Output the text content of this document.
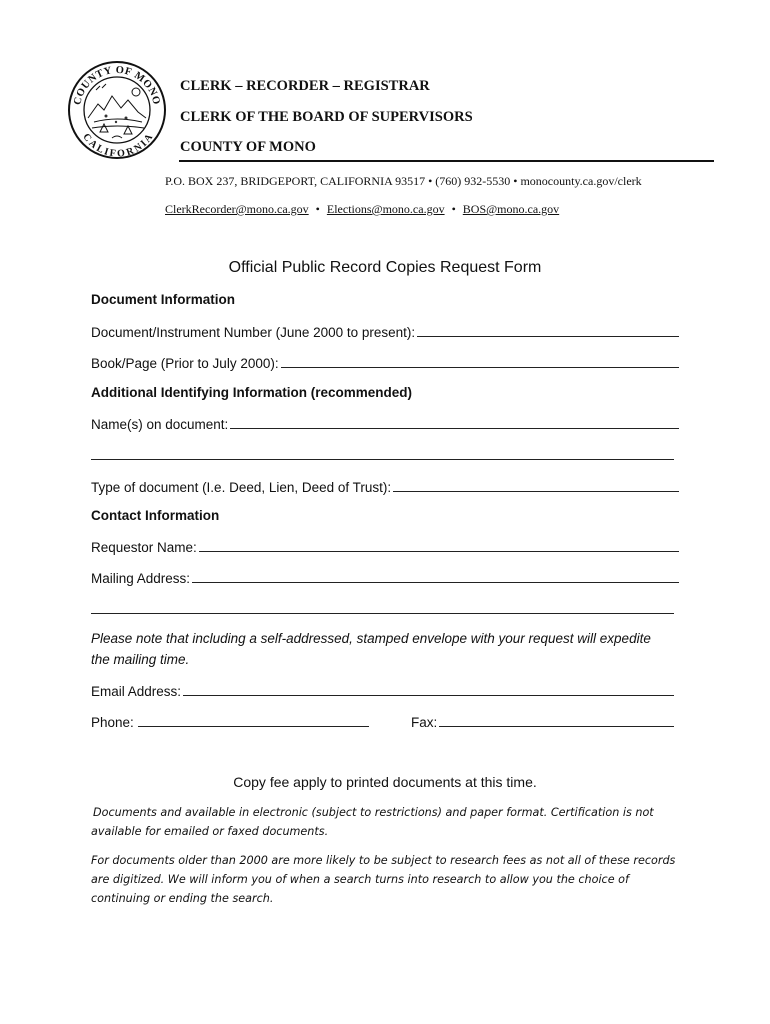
COUNTY OF MONO
CALIFORNIA
CLERK – RECORDER – REGISTRAR
CLERK OF THE BOARD OF SUPERVISORS
COUNTY OF MONO
P.O. BOX 237, BRIDGEPORT, CALIFORNIA 93517 • (760) 932-5530 • monocounty.ca.gov/clerk
ClerkRecorder@mono.ca.gov • Elections@mono.ca.gov • BOS@mono.ca.gov
Official Public Record Copies Request Form
Document Information
Document/Instrument Number (June 2000 to present):
Book/Page (Prior to July 2000):
Additional Identifying Information (recommended)
Name(s) on document:
Type of document (I.e. Deed, Lien, Deed of Trust):
Contact Information
Requestor Name:
Mailing Address:
Please note that including a self-addressed, stamped envelope with your request will expedite the mailing time.
Email Address:
Phone:	Fax:
Copy fee apply to printed documents at this time.
Documents and available in electronic (subject to restrictions) and paper format. Certification is not available for emailed or faxed documents.
For documents older than 2000 are more likely to be subject to research fees as not all of these records are digitized. We will inform you of when a search turns into research to allow you the choice of continuing or ending the search.
